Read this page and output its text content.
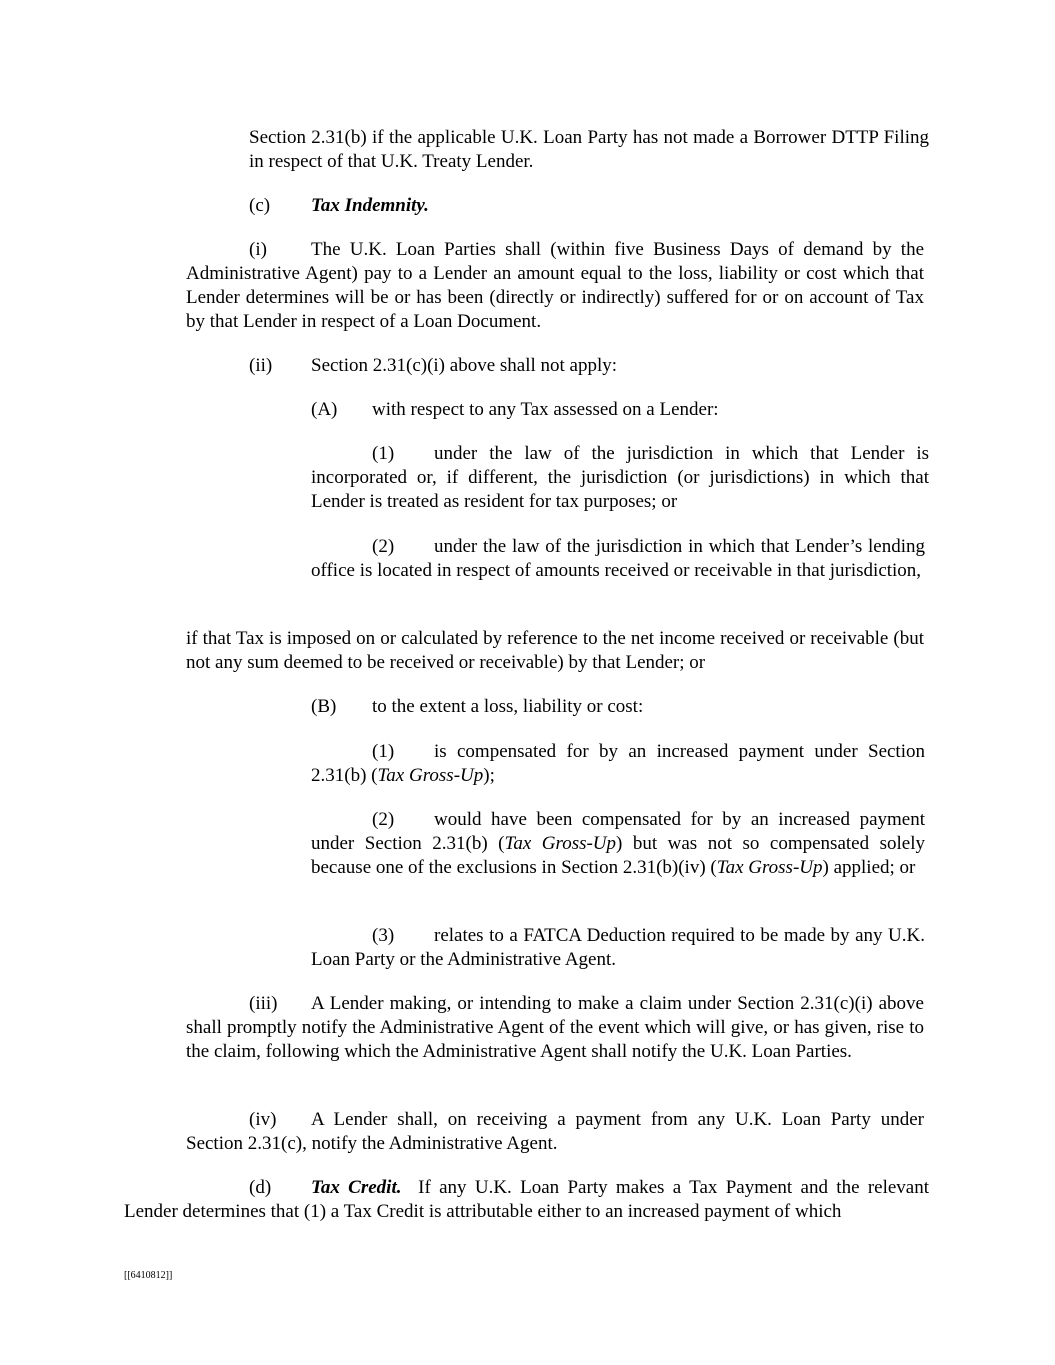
Section 2.31(b) if the applicable U.K. Loan Party has not made a Borrower DTTP Filing in respect of that U.K. Treaty Lender.

(c) Tax Indemnity.

(i) The U.K. Loan Parties shall (within five Business Days of demand by the Administrative Agent) pay to a Lender an amount equal to the loss, liability or cost which that Lender determines will be or has been (directly or indirectly) suffered for or on account of Tax by that Lender in respect of a Loan Document.

(ii) Section 2.31(c)(i) above shall not apply:

(A) with respect to any Tax assessed on a Lender:

(1) under the law of the jurisdiction in which that Lender is incorporated or, if different, the jurisdiction (or jurisdictions) in which that Lender is treated as resident for tax purposes; or

(2) under the law of the jurisdiction in which that Lender’s lending office is located in respect of amounts received or receivable in that jurisdiction,

if that Tax is imposed on or calculated by reference to the net income received or receivable (but not any sum deemed to be received or receivable) by that Lender; or

(B) to the extent a loss, liability or cost:

(1) is compensated for by an increased payment under Section 2.31(b) (Tax Gross-Up);

(2) would have been compensated for by an increased payment under Section 2.31(b) (Tax Gross-Up) but was not so compensated solely because one of the exclusions in Section 2.31(b)(iv) (Tax Gross-Up) applied; or

(3) relates to a FATCA Deduction required to be made by any U.K. Loan Party or the Administrative Agent.

(iii) A Lender making, or intending to make a claim under Section 2.31(c)(i) above shall promptly notify the Administrative Agent of the event which will give, or has given, rise to the claim, following which the Administrative Agent shall notify the U.K. Loan Parties.

(iv) A Lender shall, on receiving a payment from any U.K. Loan Party under Section 2.31(c), notify the Administrative Agent.

(d) Tax Credit. If any U.K. Loan Party makes a Tax Payment and the relevant Lender determines that (1) a Tax Credit is attributable either to an increased payment of which

[[6410812]]
